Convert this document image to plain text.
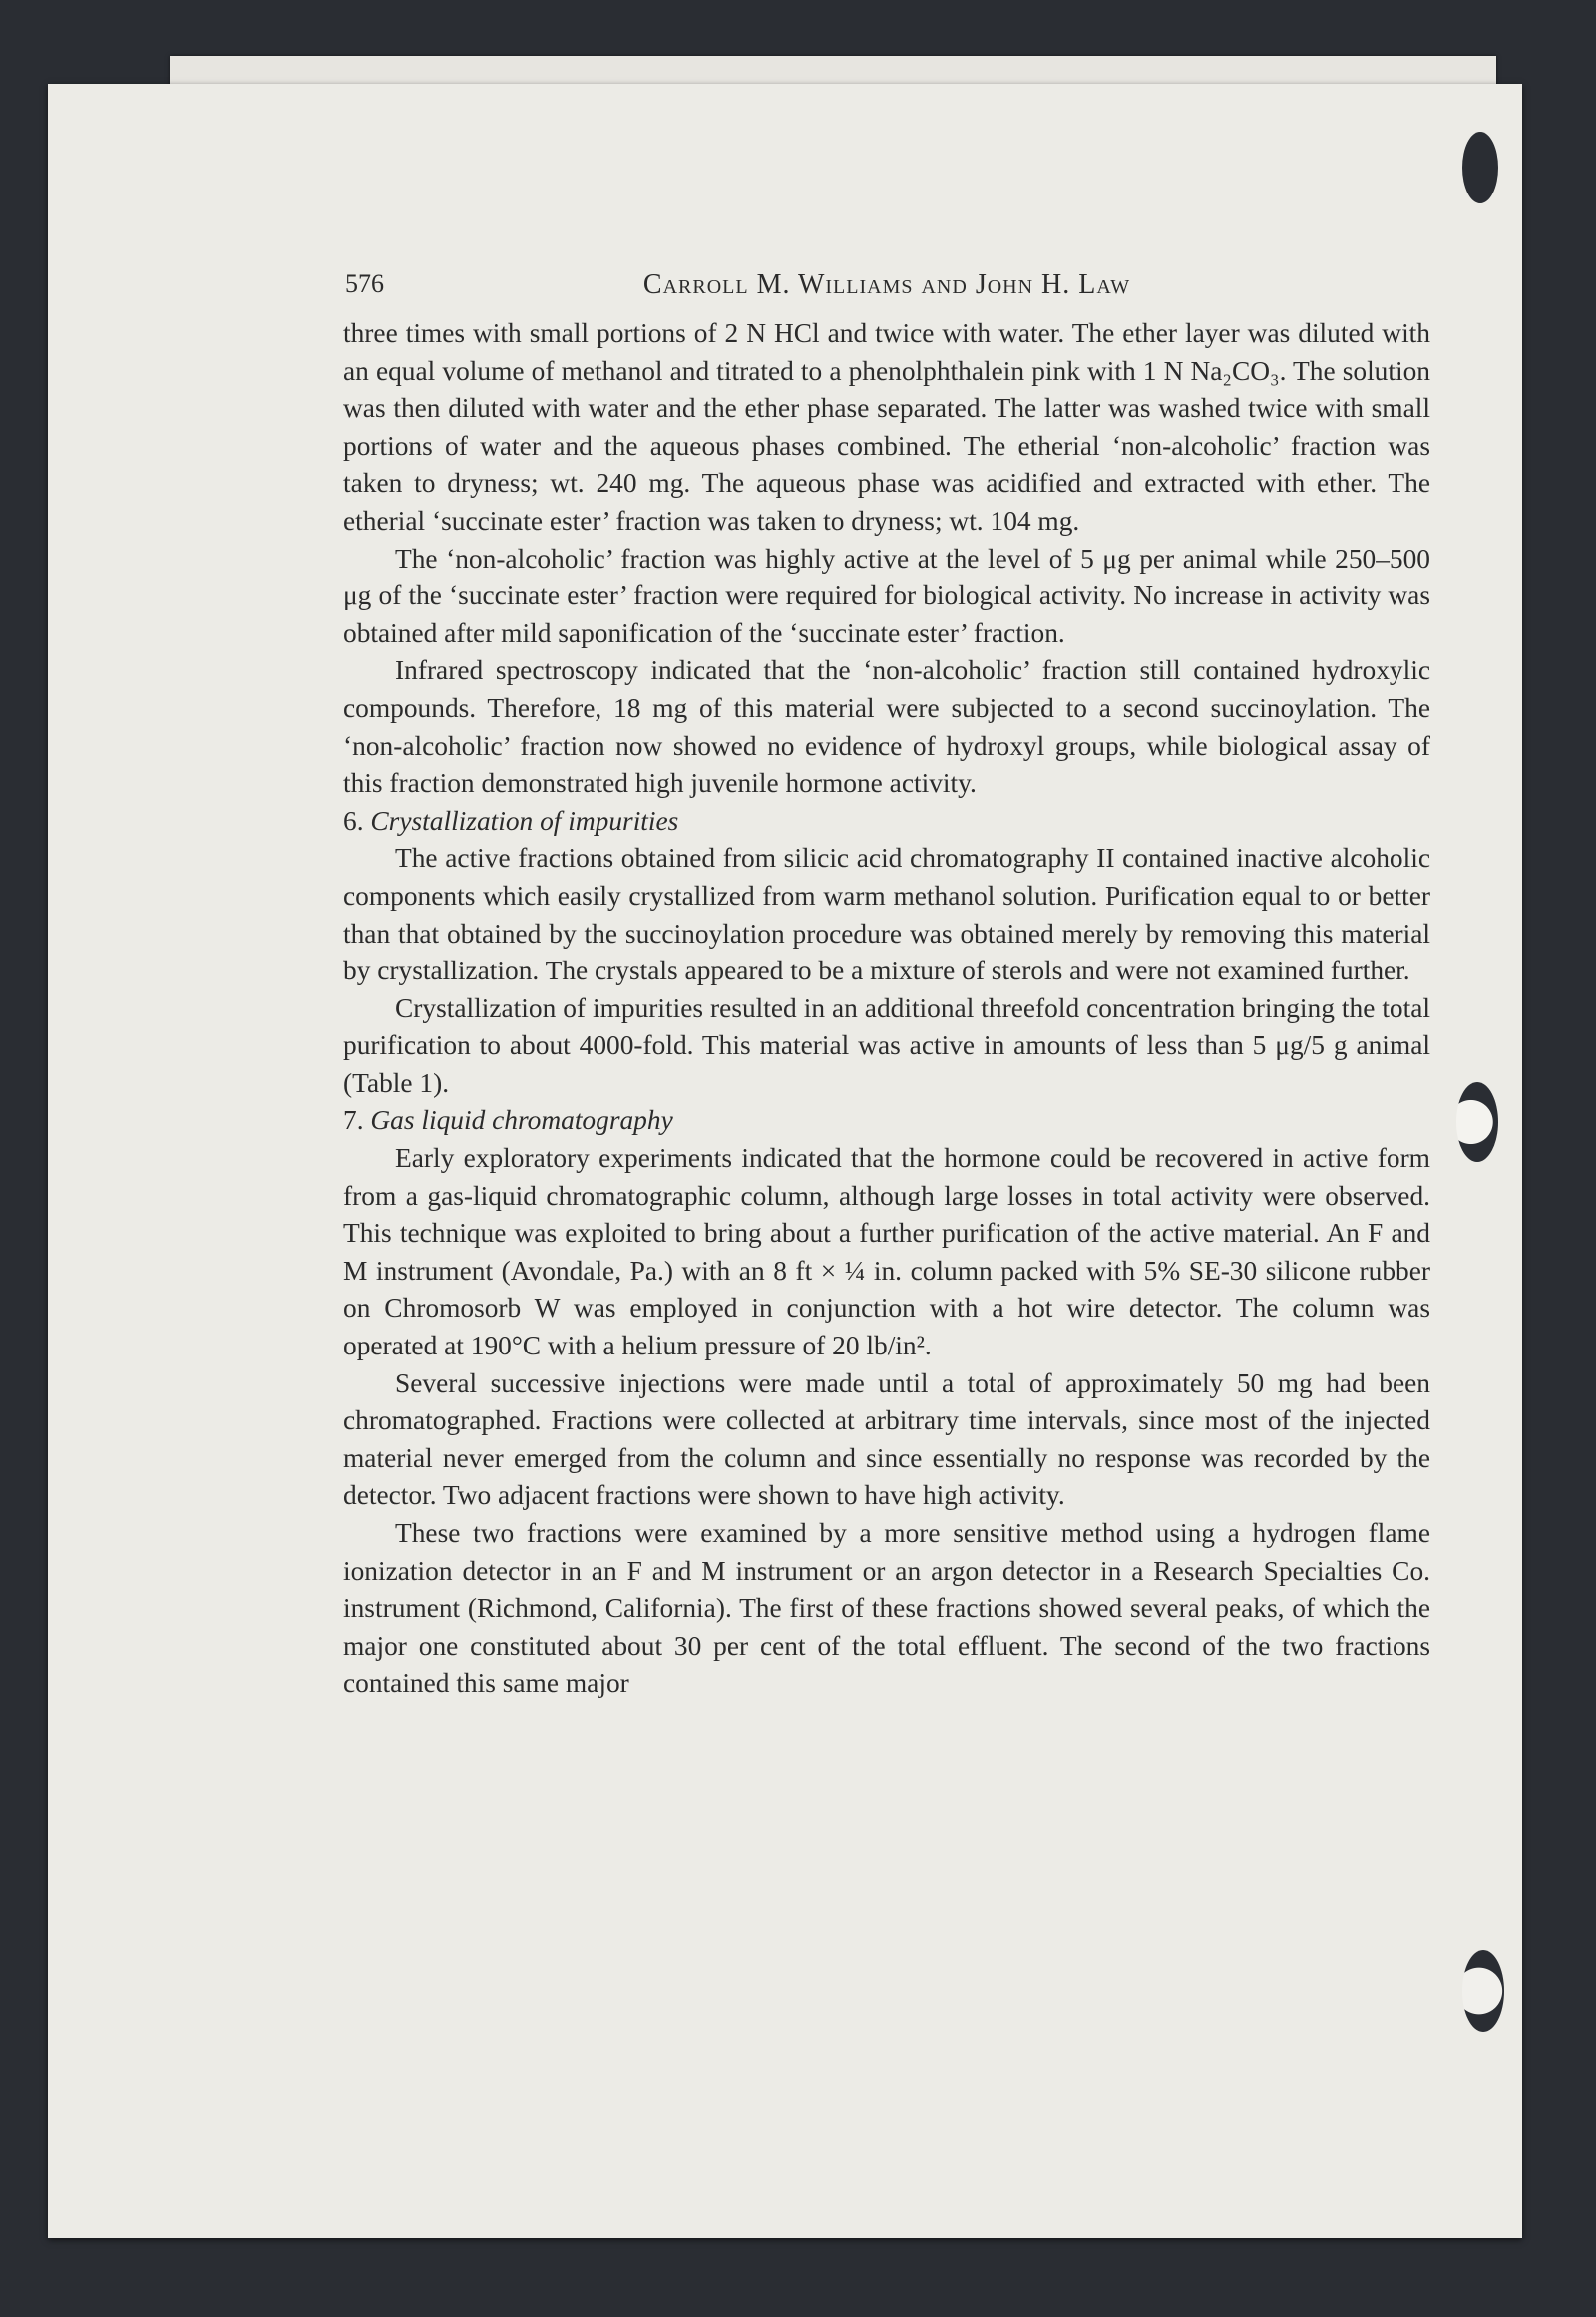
576	Carroll M. Williams and John H. Law

three times with small portions of 2 N HCl and twice with water. The ether layer was diluted with an equal volume of methanol and titrated to a phenolphthalein pink with 1 N Na₂CO₃. The solution was then diluted with water and the ether phase separated. The latter was washed twice with small portions of water and the aqueous phases combined. The etherial ‘non-alcoholic’ fraction was taken to dryness; wt. 240 mg. The aqueous phase was acidified and extracted with ether. The etherial ‘succinate ester’ fraction was taken to dryness; wt. 104 mg.

The ‘non-alcoholic’ fraction was highly active at the level of 5 μg per animal while 250–500 μg of the ‘succinate ester’ fraction were required for biological activity. No increase in activity was obtained after mild saponification of the ‘succinate ester’ fraction.

Infrared spectroscopy indicated that the ‘non-alcoholic’ fraction still contained hydroxylic compounds. Therefore, 18 mg of this material were subjected to a second succinoylation. The ‘non-alcoholic’ fraction now showed no evidence of hydroxyl groups, while biological assay of this fraction demonstrated high juvenile hormone activity.

6. Crystallization of impurities

The active fractions obtained from silicic acid chromatography II contained inactive alcoholic components which easily crystallized from warm methanol solution. Purification equal to or better than that obtained by the succinoylation procedure was obtained merely by removing this material by crystallization. The crystals appeared to be a mixture of sterols and were not examined further.

Crystallization of impurities resulted in an additional threefold concentration bringing the total purification to about 4000-fold. This material was active in amounts of less than 5 μg/5 g animal (Table 1).

7. Gas liquid chromatography

Early exploratory experiments indicated that the hormone could be recovered in active form from a gas-liquid chromatographic column, although large losses in total activity were observed. This technique was exploited to bring about a further purification of the active material. An F and M instrument (Avondale, Pa.) with an 8 ft × ¼ in. column packed with 5% SE-30 silicone rubber on Chromosorb W was employed in conjunction with a hot wire detector. The column was operated at 190°C with a helium pressure of 20 lb/in².

Several successive injections were made until a total of approximately 50 mg had been chromatographed. Fractions were collected at arbitrary time intervals, since most of the injected material never emerged from the column and since essentially no response was recorded by the detector. Two adjacent fractions were shown to have high activity.

These two fractions were examined by a more sensitive method using a hydrogen flame ionization detector in an F and M instrument or an argon detector in a Research Specialties Co. instrument (Richmond, California). The first of these fractions showed several peaks, of which the major one constituted about 30 per cent of the total effluent. The second of the two fractions contained this same major
